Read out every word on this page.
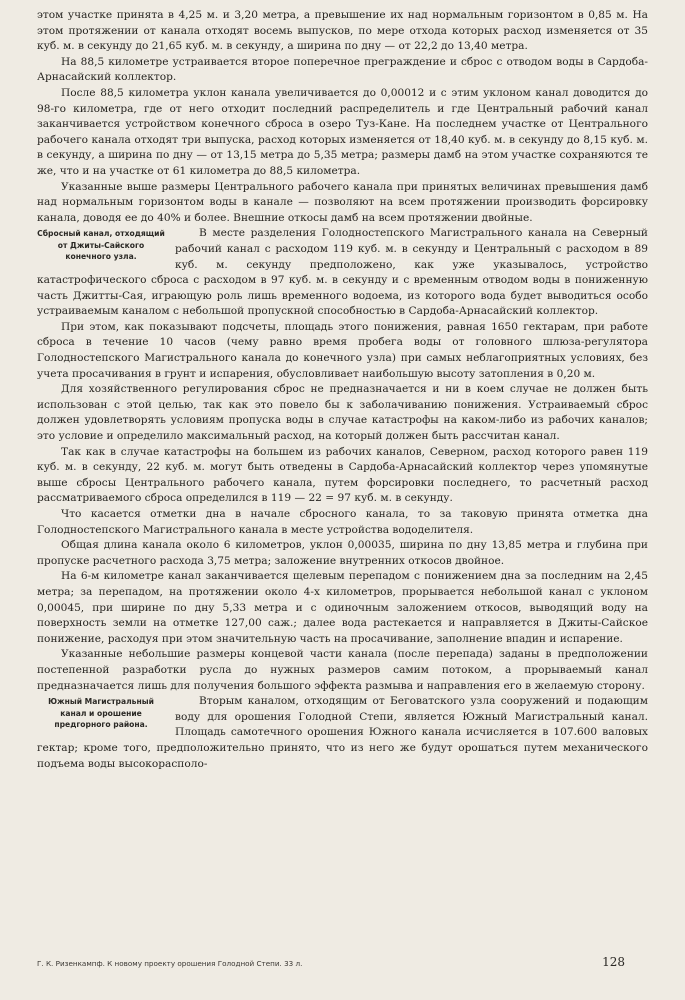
этом участке принята в 4,25 м. и 3,20 метра, а превышение их над нормальным горизонтом в 0,85 м. На этом протяжении от канала отходят восемь выпусков, по мере отхода которых расход изменяется от 35 куб. м. в секунду до 21,65 куб. м. в секунду, а ширина по дну — от 22,2 до 13,40 метра.

На 88,5 километре устраивается второе поперечное преграждение и сброс с отводом воды в Сардоба-Арнасайский коллектор.

После 88,5 километра уклон канала увеличивается до 0,00012 и с этим уклоном канал доводится до 98-го километра, где от него отходит последний распределитель и где Центральный рабочий канал заканчивается устройством конечного сброса в озеро Туз-Кане. На последнем участке от Центрального рабочего канала отходят три выпуска, расход которых изменяется от 18,40 куб. м. в секунду до 8,15 куб. м. в секунду, а ширина по дну — от 13,15 метра до 5,35 метра; размеры дамб на этом участке сохраняются те же, что и на участке от 61 километра до 88,5 километра.

Указанные выше размеры Центрального рабочего канала при принятых величинах превышения дамб над нормальным горизонтом воды в канале — позволяют на всем протяжении производить форсировку канала, доводя ее до 40% и более. Внешние откосы дамб на всем протяжении двойные.

Сбросный канал, отходящий от Джиты-Сайского конечного узла.

В месте разделения Голодностепского Магистрального канала на Северный рабочий канал с расходом 119 куб. м. в секунду и Центральный с расходом в 89 куб. м. секунду предположено, как уже указывалось, устройство катастрофического сброса с расходом в 97 куб. м. в секунду и с временным отводом воды в пониженную часть Джитты-Сая, играющую роль лишь временного водоема, из которого вода будет выводиться особо устраиваемым каналом с небольшой пропускной способностью в Сардоба-Арнасайский коллектор.

При этом, как показывают подсчеты, площадь этого понижения, равная 1650 гектарам, при работе сброса в течение 10 часов (чему равно время пробега воды от головного шлюза-регулятора Голодностепского Магистрального канала до конечного узла) при самых неблагоприятных условиях, без учета просачивания в грунт и испарения, обусловливает наибольшую высоту затопления в 0,20 м.

Для хозяйственного регулирования сброс не предназначается и ни в коем случае не должен быть использован с этой целью, так как это повело бы к заболачиванию понижения. Устраиваемый сброс должен удовлетворять условиям пропуска воды в случае катастрофы на каком-либо из рабочих каналов; это условие и определило максимальный расход, на который должен быть рассчитан канал.

Так как в случае катастрофы на большем из рабочих каналов, Северном, расход которого равен 119 куб. м. в секунду, 22 куб. м. могут быть отведены в Сардоба-Арнасайский коллектор через упомянутые выше сбросы Центрального рабочего канала, путем форсировки последнего, то расчетный расход рассматриваемого сброса определился в 119 — 22 = 97 куб. м. в секунду.

Что касается отметки дна в начале сбросного канала, то за таковую принята отметка дна Голодностепского Магистрального канала в месте устройства вододелителя.

Общая длина канала около 6 километров, уклон 0,00035, ширина по дну 13,85 метра и глубина при пропуске расчетного расхода 3,75 метра; заложение внутренних откосов двойное.

На 6-м километре канал заканчивается щелевым перепадом с понижением дна за последним на 2,45 метра; за перепадом, на протяжении около 4-х километров, прорывается небольшой канал с уклоном 0,00045, при ширине по дну 5,33 метра и с одиночным заложением откосов, выводящий воду на поверхность земли на отметке 127,00 саж.; далее вода растекается и направляется в Джиты-Сайское понижение, расходуя при этом значительную часть на просачивание, заполнение впадин и испарение.

Указанные небольшие размеры концевой части канала (после перепада) заданы в предположении постепенной разработки русла до нужных размеров самим потоком, а прорываемый канал предназначается лишь для получения большого эффекта размыва и направления его в желаемую сторону.

Южный Магистральный канал и орошение предгорного района.

Вторым каналом, отходящим от Беговатского узла сооружений и подающим воду для орошения Голодной Степи, является Южный Магистральный канал. Площадь самотечного орошения Южного канала исчисляется в 107.600 валовых гектар; кроме того, предположительно принято, что из него же будут орошаться путем механического подъема воды высокорасполо-

Г. К. Ризенкампф. К новому проекту орошения Голодной Степи. 33 л.	128
